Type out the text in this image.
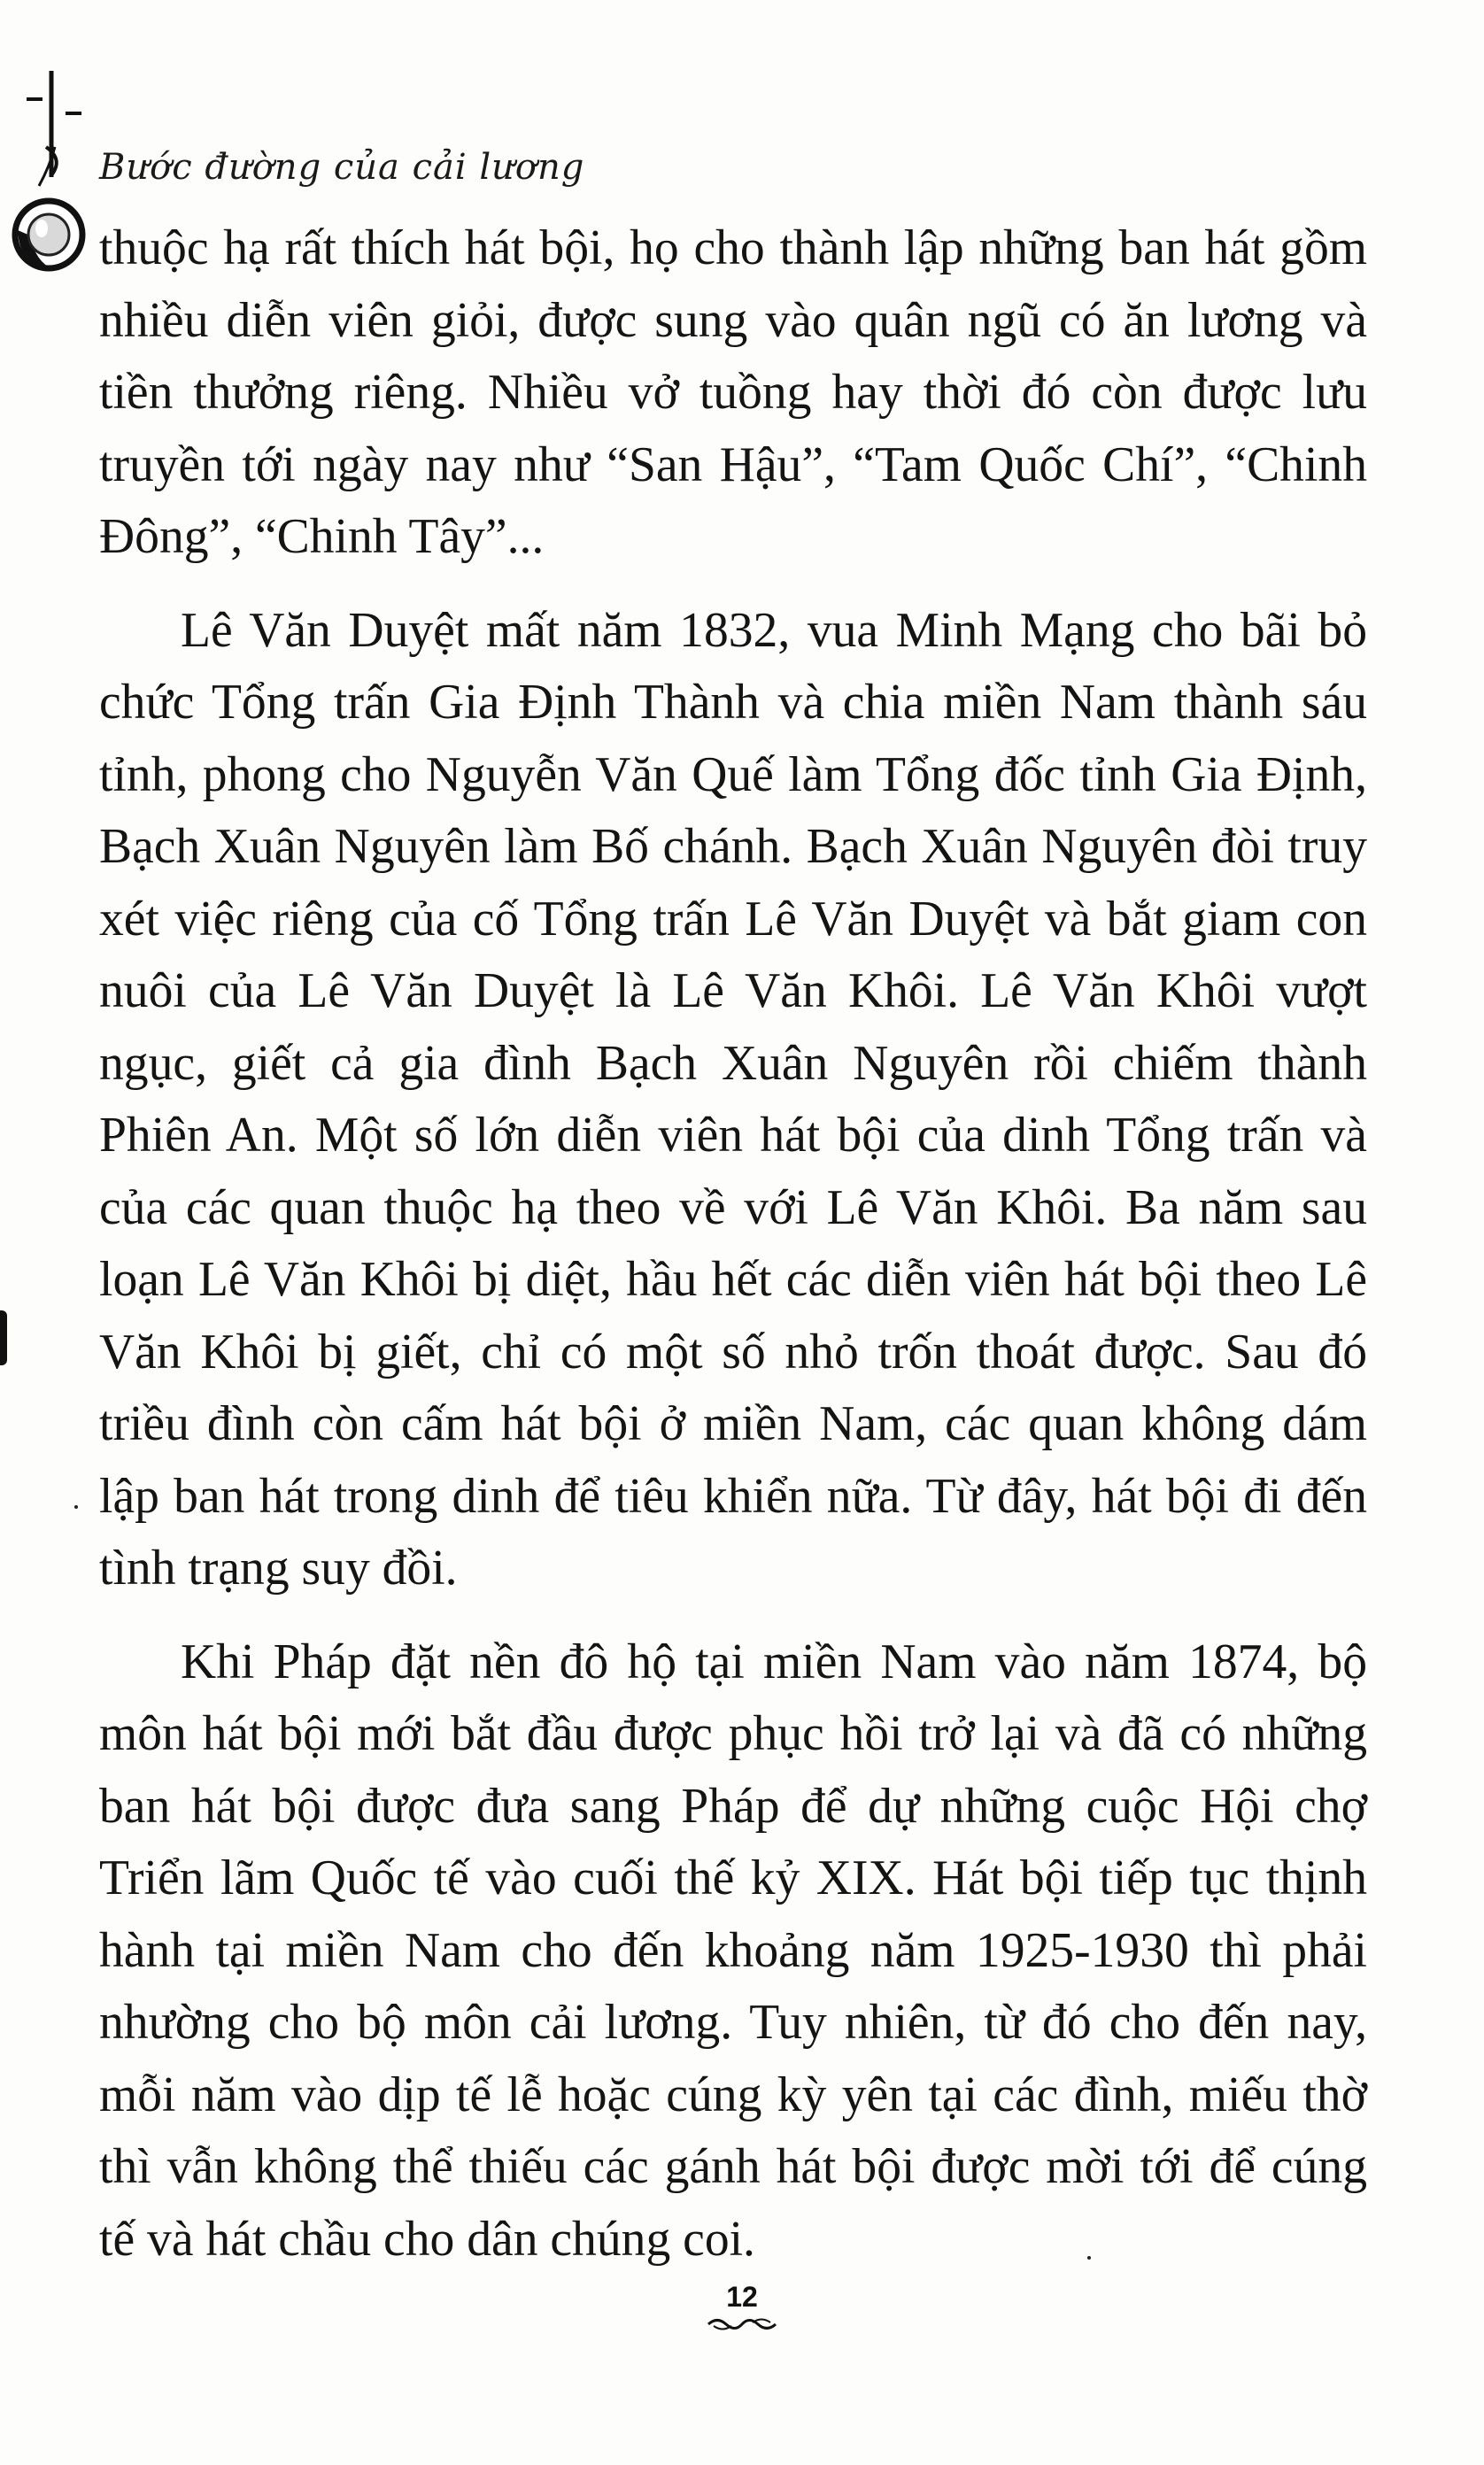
Bước đường của cải lương

thuộc hạ rất thích hát bội, họ cho thành lập những ban hát gồm nhiều diễn viên giỏi, được sung vào quân ngũ có ăn lương và tiền thưởng riêng. Nhiều vở tuồng hay thời đó còn được lưu truyền tới ngày nay như “San Hậu”, “Tam Quốc Chí”, “Chinh Đông”, “Chinh Tây”...

Lê Văn Duyệt mất năm 1832, vua Minh Mạng cho bãi bỏ chức Tổng trấn Gia Định Thành và chia miền Nam thành sáu tỉnh, phong cho Nguyễn Văn Quế làm Tổng đốc tỉnh Gia Định, Bạch Xuân Nguyên làm Bố chánh. Bạch Xuân Nguyên đòi truy xét việc riêng của cố Tổng trấn Lê Văn Duyệt và bắt giam con nuôi của Lê Văn Duyệt là Lê Văn Khôi. Lê Văn Khôi vượt ngục, giết cả gia đình Bạch Xuân Nguyên rồi chiếm thành Phiên An. Một số lớn diễn viên hát bội của dinh Tổng trấn và của các quan thuộc hạ theo về với Lê Văn Khôi. Ba năm sau loạn Lê Văn Khôi bị diệt, hầu hết các diễn viên hát bội theo Lê Văn Khôi bị giết, chỉ có một số nhỏ trốn thoát được. Sau đó triều đình còn cấm hát bội ở miền Nam, các quan không dám lập ban hát trong dinh để tiêu khiển nữa. Từ đây, hát bội đi đến tình trạng suy đồi.

Khi Pháp đặt nền đô hộ tại miền Nam vào năm 1874, bộ môn hát bội mới bắt đầu được phục hồi trở lại và đã có những ban hát bội được đưa sang Pháp để dự những cuộc Hội chợ Triển lãm Quốc tế vào cuối thế kỷ XIX. Hát bội tiếp tục thịnh hành tại miền Nam cho đến khoảng năm 1925-1930 thì phải nhường cho bộ môn cải lương. Tuy nhiên, từ đó cho đến nay, mỗi năm vào dịp tế lễ hoặc cúng kỳ yên tại các đình, miếu thờ thì vẫn không thể thiếu các gánh hát bội được mời tới để cúng tế và hát chầu cho dân chúng coi.

12
